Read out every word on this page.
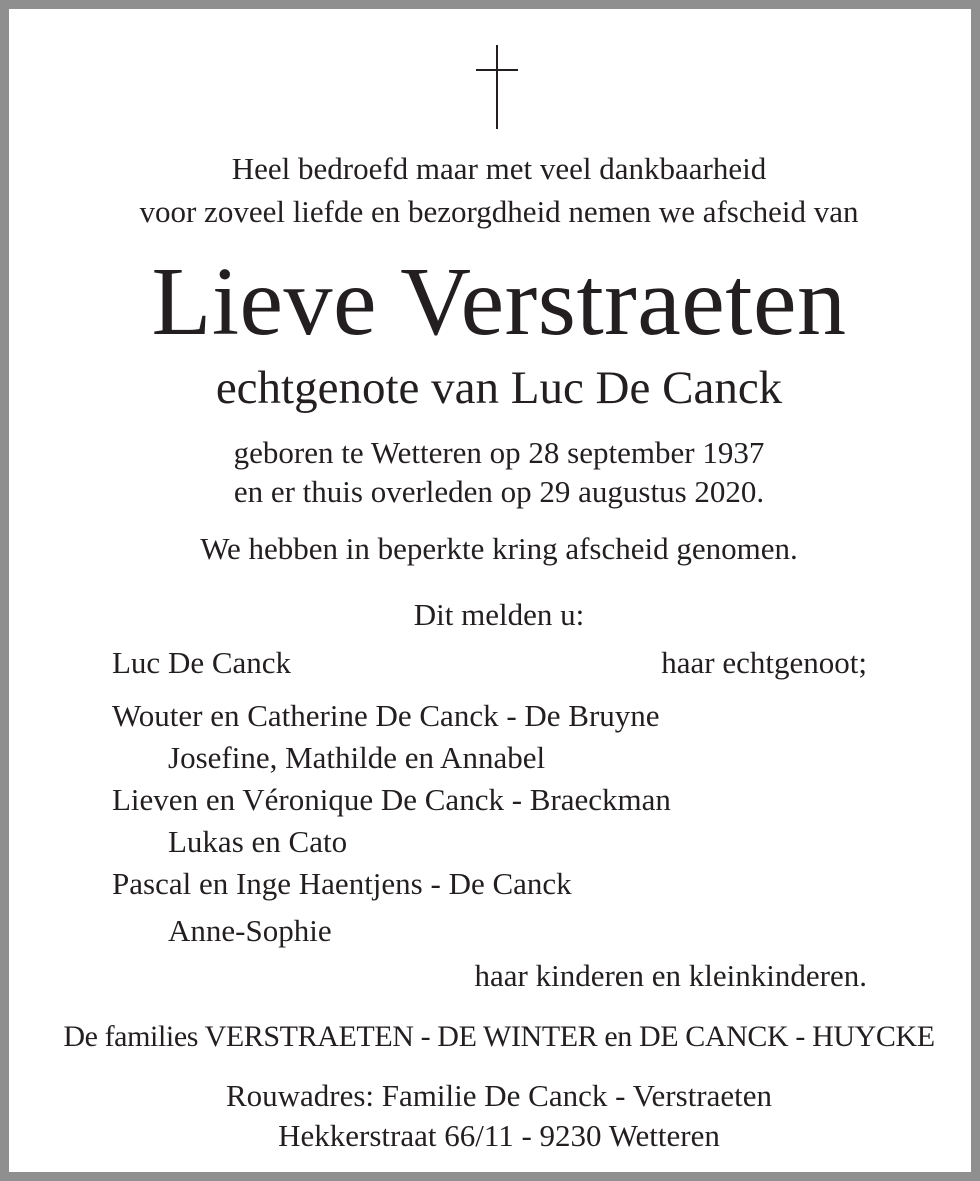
Heel bedroefd maar met veel dankbaarheid
voor zoveel liefde en bezorgdheid nemen we afscheid van
Lieve Verstraeten
echtgenote van Luc De Canck
geboren te Wetteren op 28 september 1937
en er thuis overleden op 29 augustus 2020.
We hebben in beperkte kring afscheid genomen.
Dit melden u:
Luc De Canck	haar echtgenoot;
Wouter en Catherine De Canck - De Bruyne
Josefine, Mathilde en Annabel
Lieven en Véronique De Canck - Braeckman
Lukas en Cato
Pascal en Inge Haentjens - De Canck
Anne-Sophie
haar kinderen en kleinkinderen.
De families VERSTRAETEN - DE WINTER en DE CANCK - HUYCKE
Rouwadres: Familie De Canck - Verstraeten
Hekkerstraat 66/11 - 9230 Wetteren
